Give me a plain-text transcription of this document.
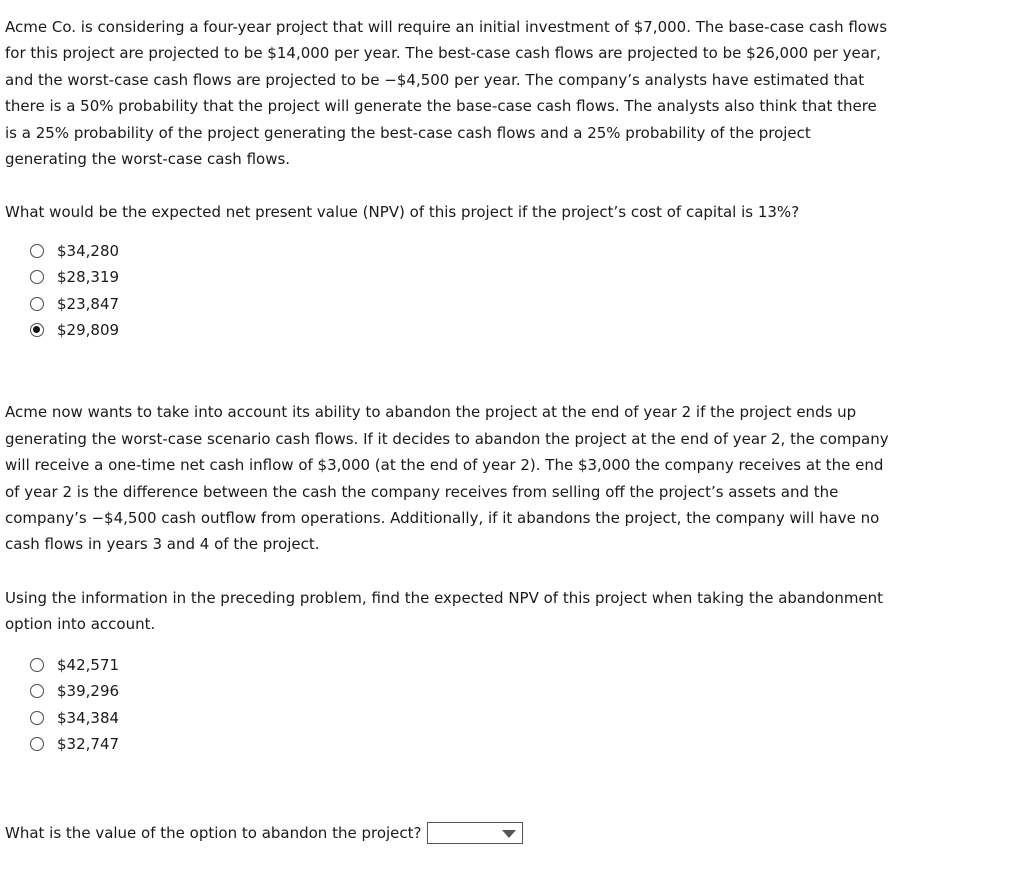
Acme Co. is considering a four-year project that will require an initial investment of $7,000. The base-case cash flows
for this project are projected to be $14,000 per year. The best-case cash flows are projected to be $26,000 per year,
and the worst-case cash flows are projected to be −$4,500 per year. The company’s analysts have estimated that
there is a 50% probability that the project will generate the base-case cash flows. The analysts also think that there
is a 25% probability of the project generating the best-case cash flows and a 25% probability of the project
generating the worst-case cash flows.

What would be the expected net present value (NPV) of this project if the project’s cost of capital is 13%?

$34,280
$28,319
$23,847
$29,809

Acme now wants to take into account its ability to abandon the project at the end of year 2 if the project ends up
generating the worst-case scenario cash flows. If it decides to abandon the project at the end of year 2, the company
will receive a one-time net cash inflow of $3,000 (at the end of year 2). The $3,000 the company receives at the end
of year 2 is the difference between the cash the company receives from selling off the project’s assets and the
company’s −$4,500 cash outflow from operations. Additionally, if it abandons the project, the company will have no
cash flows in years 3 and 4 of the project.

Using the information in the preceding problem, find the expected NPV of this project when taking the abandonment
option into account.

$42,571
$39,296
$34,384
$32,747
What is the value of the option to abandon the project?
